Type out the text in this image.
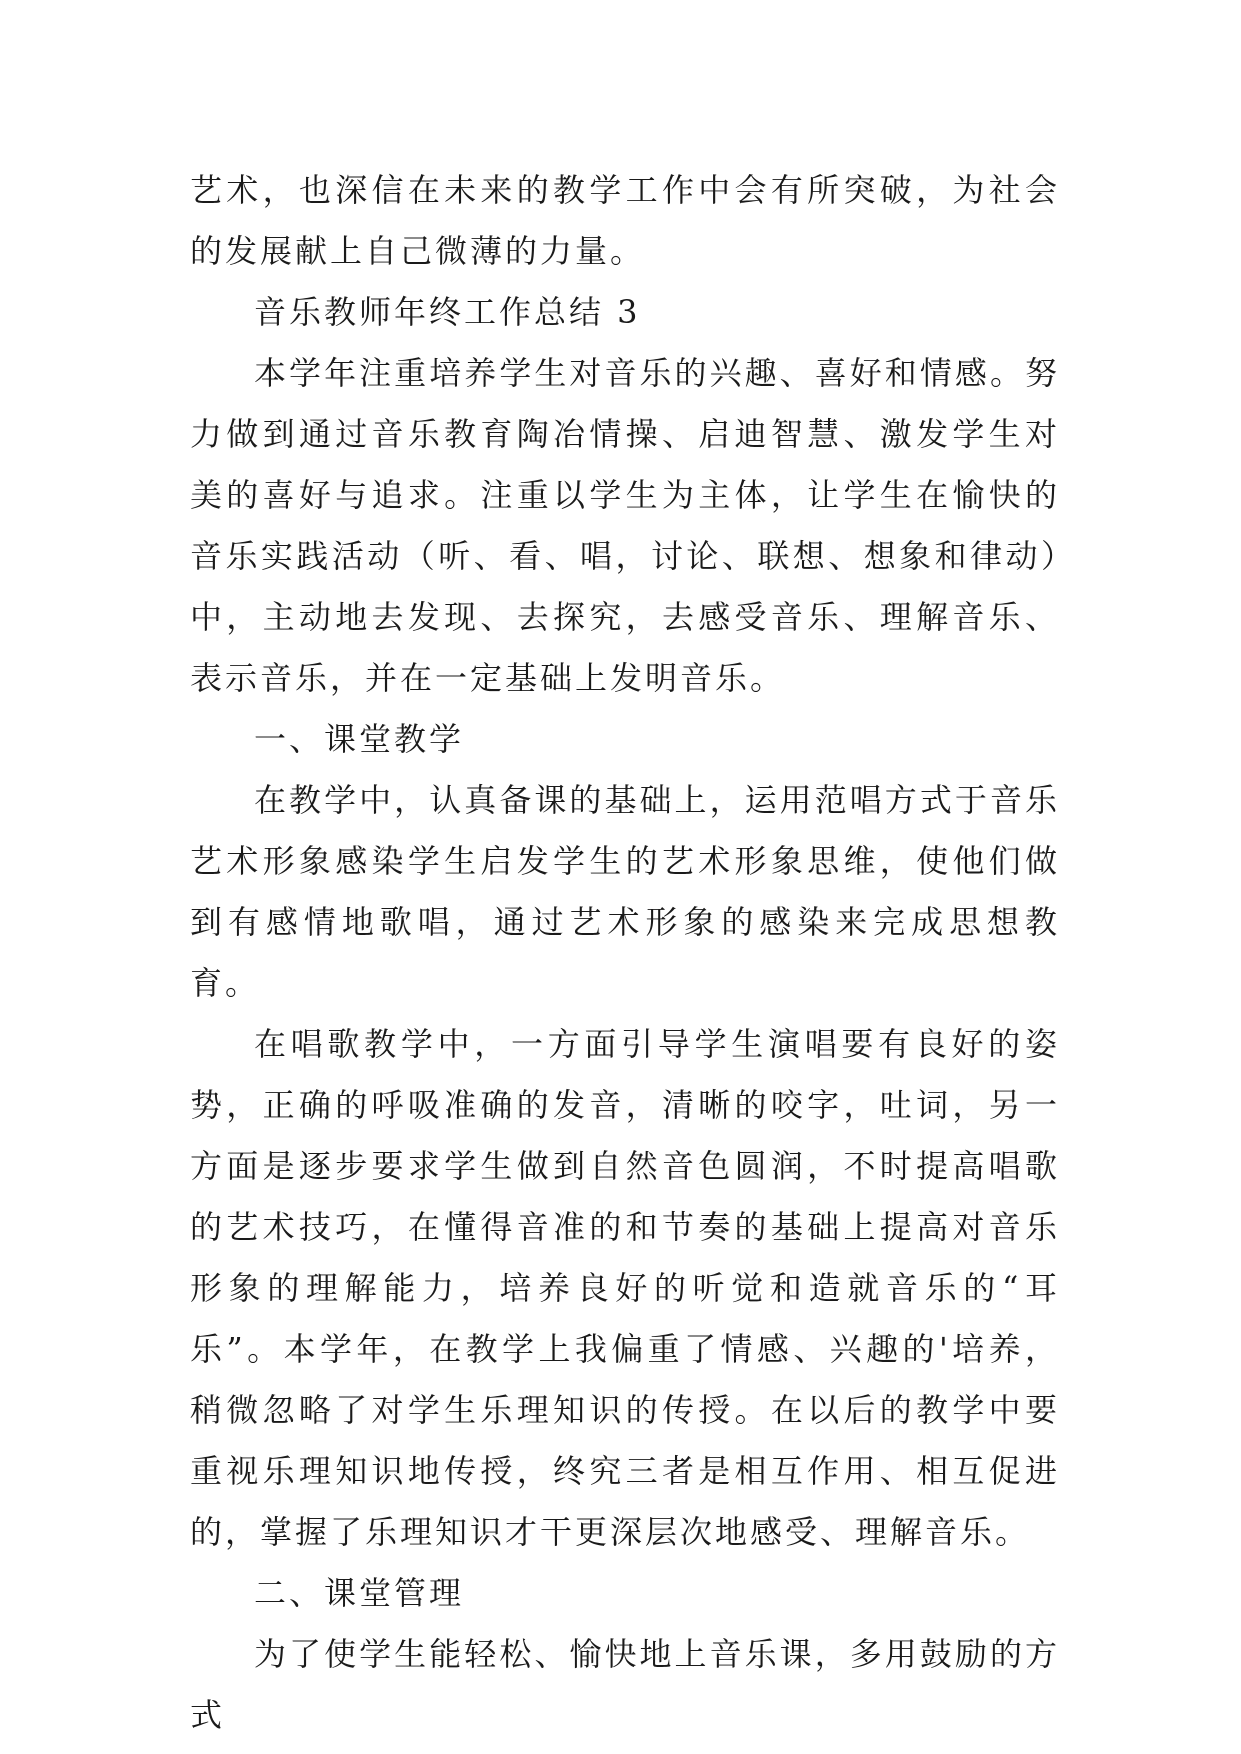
艺术，也深信在未来的教学工作中会有所突破，为社会的发展献上自己微薄的力量。

音乐教师年终工作总结 3

本学年注重培养学生对音乐的兴趣、喜好和情感。努力做到通过音乐教育陶冶情操、启迪智慧、激发学生对美的喜好与追求。注重以学生为主体，让学生在愉快的音乐实践活动（听、看、唱，讨论、联想、想象和律动）中，主动地去发现、去探究，去感受音乐、理解音乐、表示音乐，并在一定基础上发明音乐。

一、课堂教学

在教学中，认真备课的基础上，运用范唱方式于音乐艺术形象感染学生启发学生的艺术形象思维，使他们做到有感情地歌唱，通过艺术形象的感染来完成思想教育。

在唱歌教学中，一方面引导学生演唱要有良好的姿势，正确的呼吸准确的发音，清晰的咬字，吐词，另一方面是逐步要求学生做到自然音色圆润，不时提高唱歌的艺术技巧，在懂得音准的和节奏的基础上提高对音乐形象的理解能力，培养良好的听觉和造就音乐的“耳乐”。本学年，在教学上我偏重了情感、兴趣的'培养，稍微忽略了对学生乐理知识的传授。在以后的教学中要重视乐理知识地传授，终究三者是相互作用、相互促进的，掌握了乐理知识才干更深层次地感受、理解音乐。

二、课堂管理

为了使学生能轻松、愉快地上音乐课，多用鼓励的方式
